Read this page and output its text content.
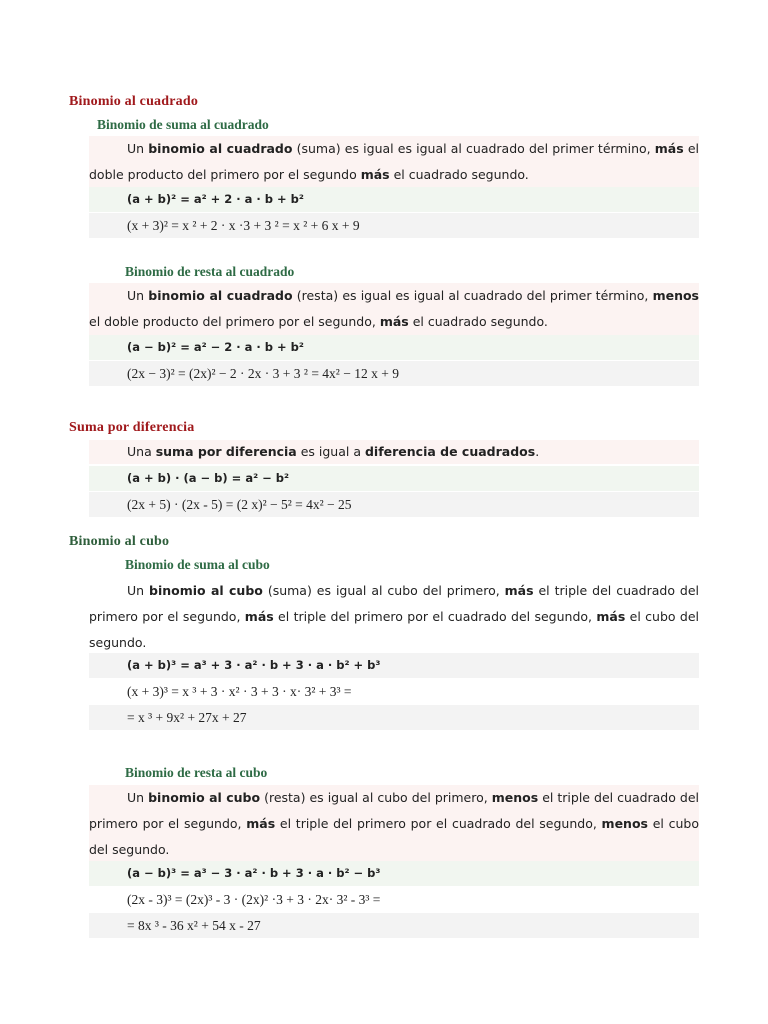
Binomio al cuadrado
Binomio de suma al cuadrado
Un binomio al cuadrado (suma) es igual es igual al cuadrado del primer término, más el doble producto del primero por el segundo más el cuadrado segundo.
(a + b)² = a² + 2 · a · b + b²
(x + 3)² = x ² + 2 · x ·3 + 3 ² = x ² + 6 x + 9
Binomio de resta al cuadrado
Un binomio al cuadrado (resta) es igual es igual al cuadrado del primer término, menos el doble producto del primero por el segundo, más el cuadrado segundo.
(a − b)² = a² − 2 · a · b + b²
(2x − 3)² = (2x)² − 2 · 2x · 3 + 3 ² = 4x² − 12 x + 9
Suma por diferencia
Una suma por diferencia es igual a diferencia de cuadrados.
(a + b) · (a − b) = a² − b²
(2x + 5) · (2x - 5) = (2 x)² − 5² = 4x² − 25
Binomio al cubo
Binomio de suma al cubo
Un binomio al cubo (suma) es igual al cubo del primero, más el triple del cuadrado del primero por el segundo, más el triple del primero por el cuadrado del segundo, más el cubo del segundo.
(a + b)³ = a³ + 3 · a² · b + 3 · a · b² + b³
(x + 3)³ = x ³ + 3 · x² · 3 + 3 · x· 3² + 3³ =
= x ³ + 9x² + 27x + 27
Binomio de resta al cubo
Un binomio al cubo (resta) es igual al cubo del primero, menos el triple del cuadrado del primero por el segundo, más el triple del primero por el cuadrado del segundo, menos el cubo del segundo.
(a − b)³ = a³ − 3 · a² · b + 3 · a · b² − b³
(2x - 3)³ = (2x)³ - 3 · (2x)² ·3 + 3 · 2x· 3² - 3³ =
= 8x ³ - 36 x² + 54 x - 27
